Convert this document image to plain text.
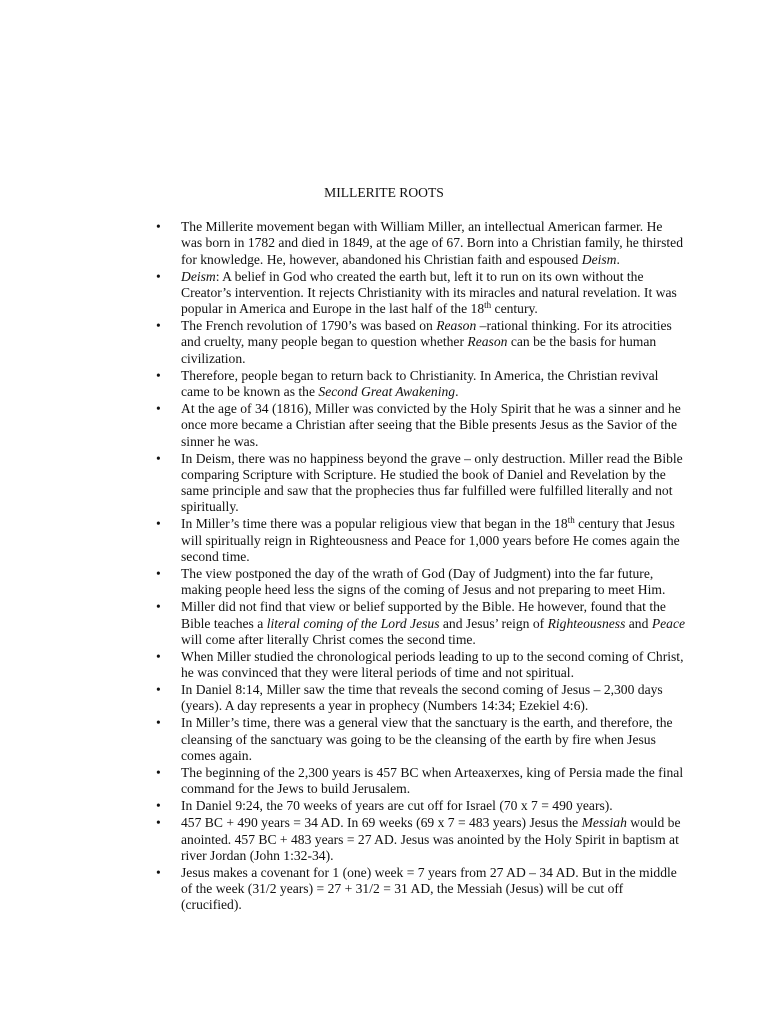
MILLERITE ROOTS
• The Millerite movement began with William Miller, an intellectual American farmer. He was born in 1782 and died in 1849, at the age of 67. Born into a Christian family, he thirsted for knowledge. He, however, abandoned his Christian faith and espoused Deism.
• Deism: A belief in God who created the earth but, left it to run on its own without the Creator’s intervention. It rejects Christianity with its miracles and natural revelation. It was popular in America and Europe in the last half of the 18th century.
• The French revolution of 1790’s was based on Reason –rational thinking. For its atrocities and cruelty, many people began to question whether Reason can be the basis for human civilization.
• Therefore, people began to return back to Christianity. In America, the Christian revival came to be known as the Second Great Awakening.
• At the age of 34 (1816), Miller was convicted by the Holy Spirit that he was a sinner and he once more became a Christian after seeing that the Bible presents Jesus as the Savior of the sinner he was.
• In Deism, there was no happiness beyond the grave – only destruction. Miller read the Bible comparing Scripture with Scripture. He studied the book of Daniel and Revelation by the same principle and saw that the prophecies thus far fulfilled were fulfilled literally and not spiritually.
• In Miller’s time there was a popular religious view that began in the 18th century that Jesus will spiritually reign in Righteousness and Peace for 1,000 years before He comes again the second time.
• The view postponed the day of the wrath of God (Day of Judgment) into the far future, making people heed less the signs of the coming of Jesus and not preparing to meet Him.
• Miller did not find that view or belief supported by the Bible. He however, found that the Bible teaches a literal coming of the Lord Jesus and Jesus’ reign of Righteousness and Peace will come after literally Christ comes the second time.
• When Miller studied the chronological periods leading to up to the second coming of Christ, he was convinced that they were literal periods of time and not spiritual.
• In Daniel 8:14, Miller saw the time that reveals the second coming of Jesus – 2,300 days (years). A day represents a year in prophecy (Numbers 14:34; Ezekiel 4:6).
• In Miller’s time, there was a general view that the sanctuary is the earth, and therefore, the cleansing of the sanctuary was going to be the cleansing of the earth by fire when Jesus comes again.
• The beginning of the 2,300 years is 457 BC when Arteaxerxes, king of Persia made the final command for the Jews to build Jerusalem.
• In Daniel 9:24, the 70 weeks of years are cut off for Israel (70 x 7 = 490 years).
• 457 BC + 490 years = 34 AD. In 69 weeks (69 x 7 = 483 years) Jesus the Messiah would be anointed. 457 BC + 483 years = 27 AD. Jesus was anointed by the Holy Spirit in baptism at river Jordan (John 1:32-34).
• Jesus makes a covenant for 1 (one) week = 7 years from 27 AD – 34 AD. But in the middle of the week (31/2 years) = 27 + 31/2 = 31 AD, the Messiah (Jesus) will be cut off (crucified).
